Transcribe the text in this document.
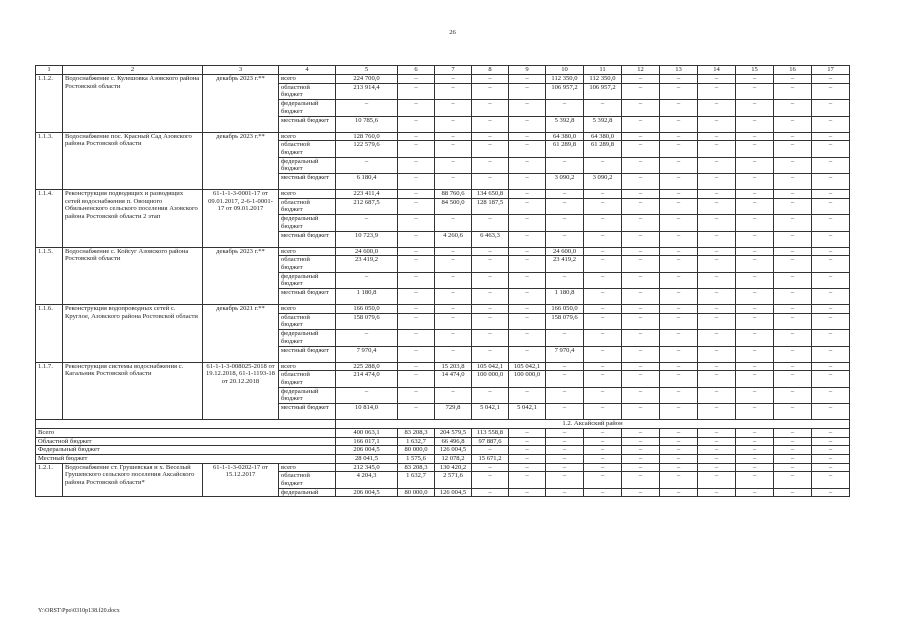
26
1	2	3	4	5	6	7	8	9	10	11	12	13	14	15	16	17
1.1.2.	Водоснабжение с. Кулешовка Азовского района Ростовской области	декабрь 2023 г.**	всего	224 700,0	–	–	–	–	112 350,0	112 350,0	–	–	–	–	–	–
			областной бюджет	213 914,4	–	–	–	–	106 957,2	106 957,2	–	–	–	–	–	–
			федеральный бюджет	–	–	–	–	–	–	–	–	–	–	–	–	–
			местный бюджет	10 785,6	–	–	–	–	5 392,8	5 392,8	–	–	–	–	–	–
1.1.3.	Водоснабжение пос. Красный Сад Азовского района Ростовской области	декабрь 2023 г.**	всего	128 760,0	–	–	–	–	64 380,0	64 380,0	–	–	–	–	–	–
			областной бюджет	122 579,6	–	–	–	–	61 289,8	61 289,8	–	–	–	–	–	–
			федеральный бюджет	–	–	–	–	–	–	–	–	–	–	–	–	–
			местный бюджет	6 180,4	–	–	–	–	3 090,2	3 090,2	–	–	–	–	–	–
1.1.4.	Реконструкция подводящих и разводящих сетей водоснабжения п. Овощного Обильненского сельского поселения Азовского района Ростовской области 2 этап	61-1-1-3-0001-17 от 09.01.2017, 2-6-1-0001-17 от 09.01.2017	всего	223 411,4	–	88 760,6	134 650,8	–	–	–	–	–	–	–	–	–
			областной бюджет	212 687,5	–	84 500,0	128 187,5	–	–	–	–	–	–	–	–	–
			федеральный бюджет	–	–	–	–	–	–	–	–	–	–	–	–	–
			местный бюджет	10 723,9	–	4 260,6	6 463,3	–	–	–	–	–	–	–	–	–
1.1.5.	Водоснабжение с. Койсуг Азовского района Ростовской области	декабрь 2023 г.**	всего	24 600,0	–	–	–	–	24 600,0	–	–	–	–	–	–	–
			областной бюджет	23 419,2	–	–	–	–	23 419,2	–	–	–	–	–	–	–
			федеральный бюджет	–	–	–	–	–	–	–	–	–	–	–	–	–
			местный бюджет	1 180,8	–	–	–	–	1 180,8	–	–	–	–	–	–	–
1.1.6.	Реконструкция водопроводных сетей с. Круглое, Азовского района Ростовской области	декабрь 2021 г.**	всего	166 050,0	–	–	–	–	166 050,0	–	–	–	–	–	–	–
			областной бюджет	158 079,6	–	–	–	–	158 079,6	–	–	–	–	–	–	–
			федеральный бюджет	–	–	–	–	–	–	–	–	–	–	–	–	–
			местный бюджет	7 970,4	–	–	–	–	7 970,4	–	–	–	–	–	–	–
1.1.7.	Реконструкция системы водоснабжения с. Кагальник Ростовской области	61-1-1-3-008025-2018 от 19.12.2018, 61-1-1193-18 от 20.12.2018	всего	225 288,0	–	15 203,8	105 042,1	105 042,1	–	–	–	–	–	–	–	–
			областной бюджет	214 474,0	–	14 474,0	100 000,0	100 000,0	–	–	–	–	–	–	–	–
			федеральный бюджет	–	–	–	–	–	–	–	–	–	–	–	–	–
			местный бюджет	10 814,0	–	729,8	5 042,1	5 042,1	–	–	–	–	–	–	–	–
				1.2. Аксайский район												
Всего				400 063,1	83 208,3	204 579,5	113 558,8	–	–	–	–	–	–	–	–	–
Областной бюджет				166 017,1	1 632,7	66 496,8	97 887,6	–	–	–	–	–	–	–	–	–
Федеральный бюджет				206 004,5	80 000,0	126 004,5	–	–	–	–	–	–	–	–	–	–
Местный бюджет				28 041,5	1 575,6	12 078,2	15 671,2	–	–	–	–	–	–	–	–	–
1.2.1.	Водоснабжение ст. Грушевская и х. Веселый Грушевского сельского поселения Аксайского района Ростовской области*	61-1-1-3-0202-17 от 15.12.2017	всего	212 345,0	83 208,3	130 420,2	–	–	–	–	–	–	–	–	–	–
			областной бюджет	4 204,3	1 632,7	2 571,6	–	–	–	–	–	–	–	–	–	–
			федеральный	206 004,5	80 000,0	126 004,5	–	–	–	–	–	–	–	–	–	–
Y:\ORST\Ppo\0310p138.f20.docx
